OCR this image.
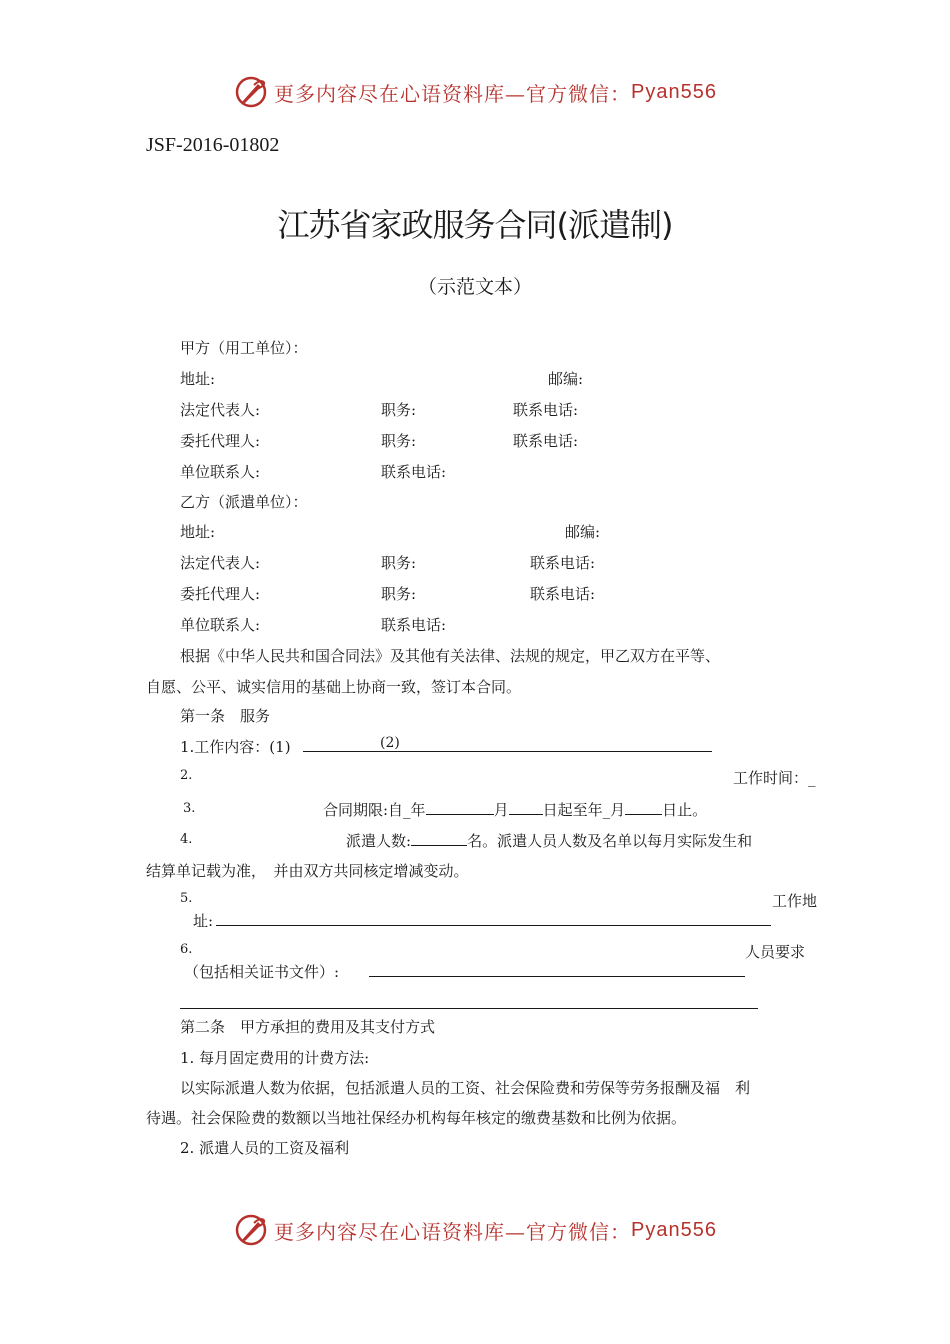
更多内容尽在心语资料库—官方微信： Pyan556
JSF-2016-01802
江苏省家政服务合同(派遣制)
（示范文本）
甲方（用工单位）：
地址:	邮编:
法定代表人:	职务:	联系电话:
委托代理人:	职务:	联系电话:
单位联系人:	联系电话:
乙方（派遣单位）：
地址:	邮编:
法定代表人:	职务:	联系电话:
委托代理人:	职务:	联系电话:
单位联系人:	联系电话:
根据《中华人民共和国合同法》及其他有关法律、法规的规定，甲乙双方在平等、
自愿、公平、诚实信用的基础上协商一致，签订本合同。
第一条　服务
1.工作内容：(1)	(2)
2.	工作时间：_
3.	合同期限:自_年	月 日起至年_月 日止。
4.	派遣人数:	名。派遣人员人数及名单以每月实际发生和
结算单记载为准，　并由双方共同核定增减变动。
5.	工作地
址:
6.	人员要求
（包括相关证书文件）:
第二条　甲方承担的费用及其支付方式
1. 每月固定费用的计费方法:
以实际派遣人数为依据，包括派遣人员的工资、社会保险费和劳保等劳务报酬及福　利
待遇。社会保险费的数额以当地社保经办机构每年核定的缴费基数和比例为依据。
2. 派遣人员的工资及福利
更多内容尽在心语资料库—官方微信： Pyan556
